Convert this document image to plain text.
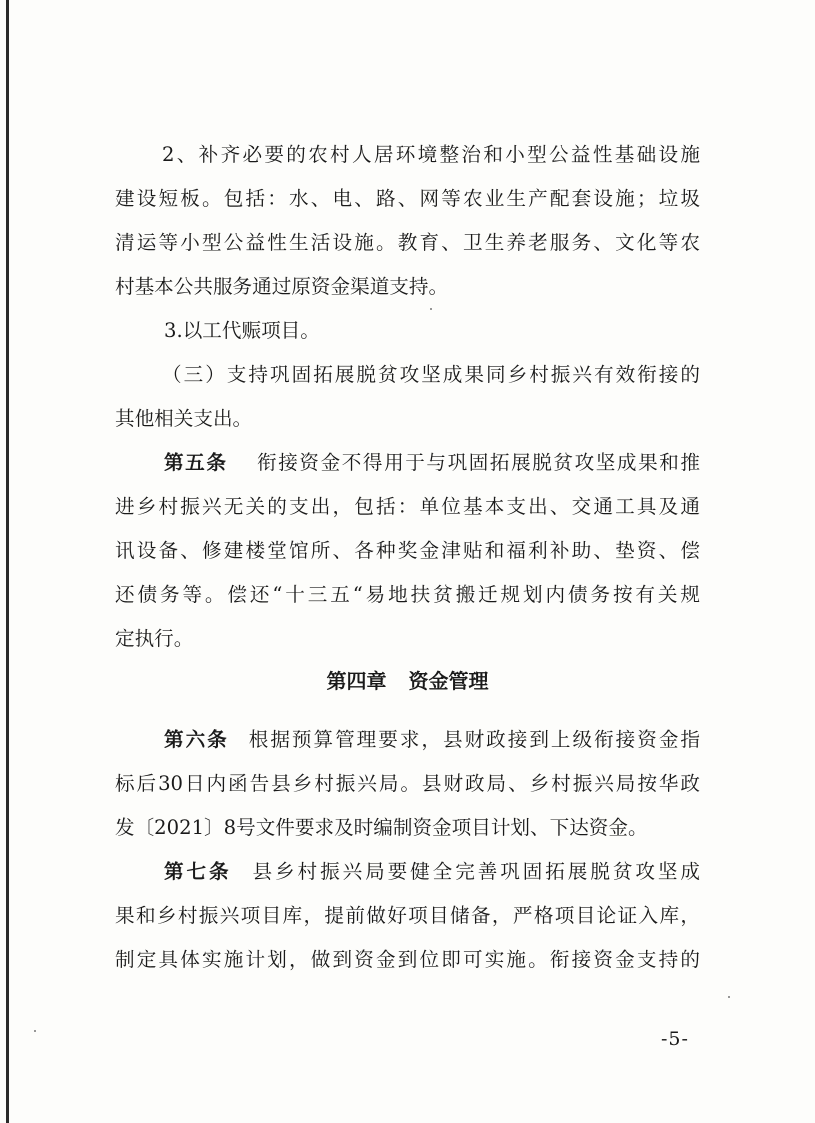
2、补齐必要的农村人居环境整治和小型公益性基础设施
建设短板。包括：水、电、路、网等农业生产配套设施；垃圾
清运等小型公益性生活设施。教育、卫生养老服务、文化等农
村基本公共服务通过原资金渠道支持。
3.以工代赈项目。
（三）支持巩固拓展脱贫攻坚成果同乡村振兴有效衔接的
其他相关支出。
第五条 衔接资金不得用于与巩固拓展脱贫攻坚成果和推
进乡村振兴无关的支出，包括：单位基本支出、交通工具及通
讯设备、修建楼堂馆所、各种奖金津贴和福利补助、垫资、偿
还债务等。偿还“十三五“易地扶贫搬迁规划内债务按有关规
定执行。
第四章 资金管理
第六条 根据预算管理要求，县财政接到上级衔接资金指
标后30日内函告县乡村振兴局。县财政局、乡村振兴局按华政
发〔2021〕8号文件要求及时编制资金项目计划、下达资金。
第七条 县乡村振兴局要健全完善巩固拓展脱贫攻坚成
果和乡村振兴项目库，提前做好项目储备，严格项目论证入库，
制定具体实施计划，做到资金到位即可实施。衔接资金支持的
-5-
